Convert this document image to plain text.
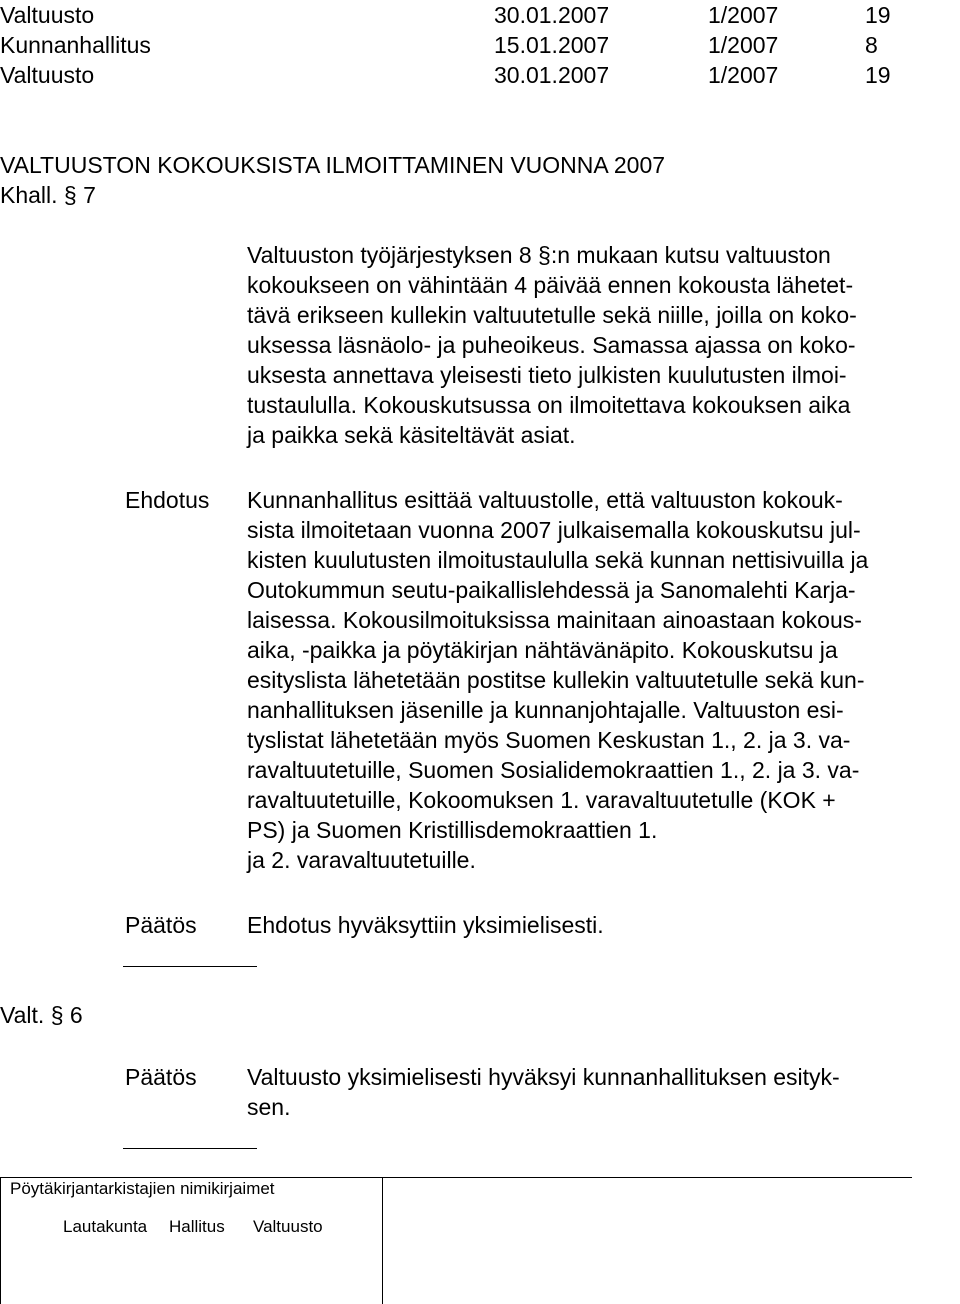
Valtuusto	30.01.2007	1/2007	19
Kunnanhallitus	15.01.2007	1/2007	8
Valtuusto	30.01.2007	1/2007	19
VALTUUSTON KOKOUKSISTA ILMOITTAMINEN VUONNA 2007
Khall. § 7
Valtuuston työjärjestyksen 8 §:n mukaan kutsu valtuuston
kokoukseen on vähintään 4 päivää ennen kokousta lähetet-
tävä erikseen kullekin valtuutetulle sekä niille, joilla on koko-
uksessa läsnäolo- ja puheoikeus. Samassa ajassa on koko-
uksesta annettava yleisesti tieto julkisten kuulutusten ilmoi-
tustaululla. Kokouskutsussa on ilmoitettava kokouksen aika
ja paikka sekä käsiteltävät asiat.
Ehdotus Kunnanhallitus esittää valtuustolle, että valtuuston kokouk-
sista ilmoitetaan vuonna 2007 julkaisemalla kokouskutsu jul-
kisten kuulutusten ilmoitustaululla sekä kunnan nettisivuilla ja
Outokummun seutu-paikallislehdessä ja Sanomalehti Karja-
laisessa. Kokousilmoituksissa mainitaan ainoastaan kokous-
aika, -paikka ja pöytäkirjan nähtävänäpito. Kokouskutsu ja
esityslista lähetetään postitse kullekin valtuutetulle sekä kun-
nanhallituksen jäsenille ja kunnanjohtajalle. Valtuuston esi-
tyslistat lähetetään myös Suomen Keskustan 1., 2. ja 3. va-
ravaltuutetuille, Suomen Sosialidemokraattien 1., 2. ja 3. va-
ravaltuutetuille, Kokoomuksen 1. varavaltuutetulle (KOK +
PS) ja Suomen Kristillisdemokraattien 1.
ja 2. varavaltuutetuille.
Päätös Ehdotus hyväksyttiin yksimielisesti.
Valt. § 6
Päätös Valtuusto yksimielisesti hyväksyi kunnanhallituksen esityk-
sen.
Pöytäkirjantarkistajien nimikirjaimet
Lautakunta Hallitus Valtuusto
